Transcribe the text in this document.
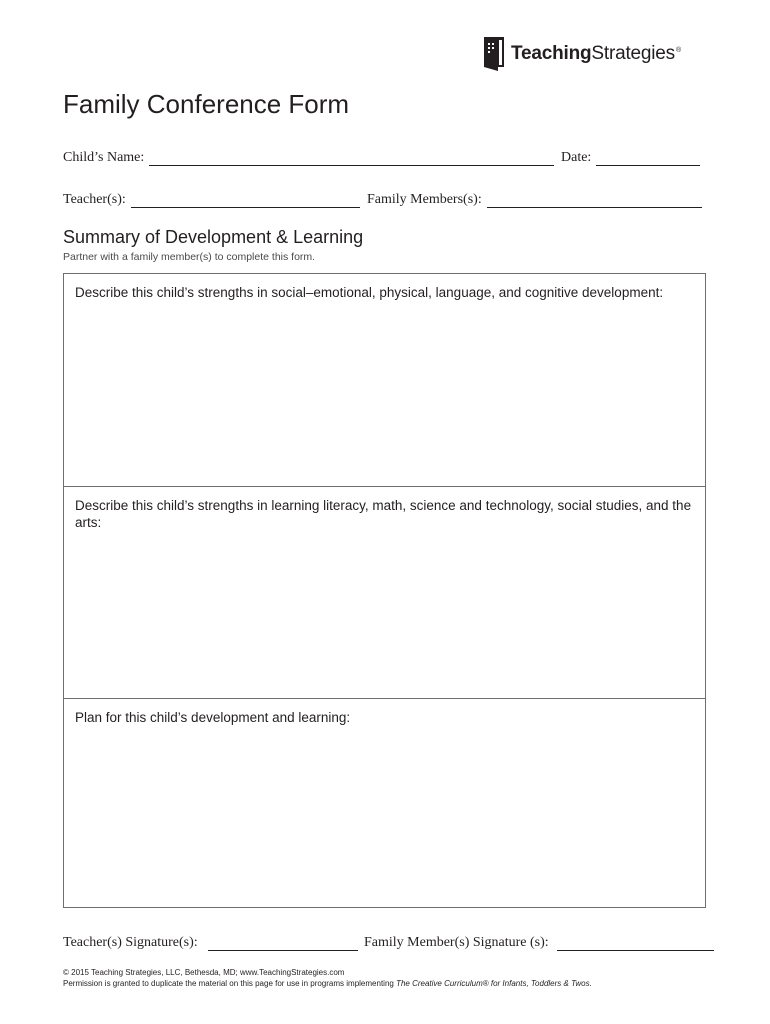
TeachingStrategies®
Family Conference Form
Child’s Name:	Date:
Teacher(s):	Family Members(s):
Summary of Development & Learning
Partner with a family member(s) to complete this form.

Describe this child’s strengths in social–emotional, physical, language, and cognitive development:

Describe this child’s strengths in learning literacy, math, science and technology, social studies, and the arts:

Plan for this child’s development and learning:

Teacher(s) Signature(s):	Family Member(s) Signature (s):
© 2015 Teaching Strategies, LLC, Bethesda, MD; www.TeachingStrategies.com
Permission is granted to duplicate the material on this page for use in programs implementing The Creative Curriculum® for Infants, Toddlers & Twos.
